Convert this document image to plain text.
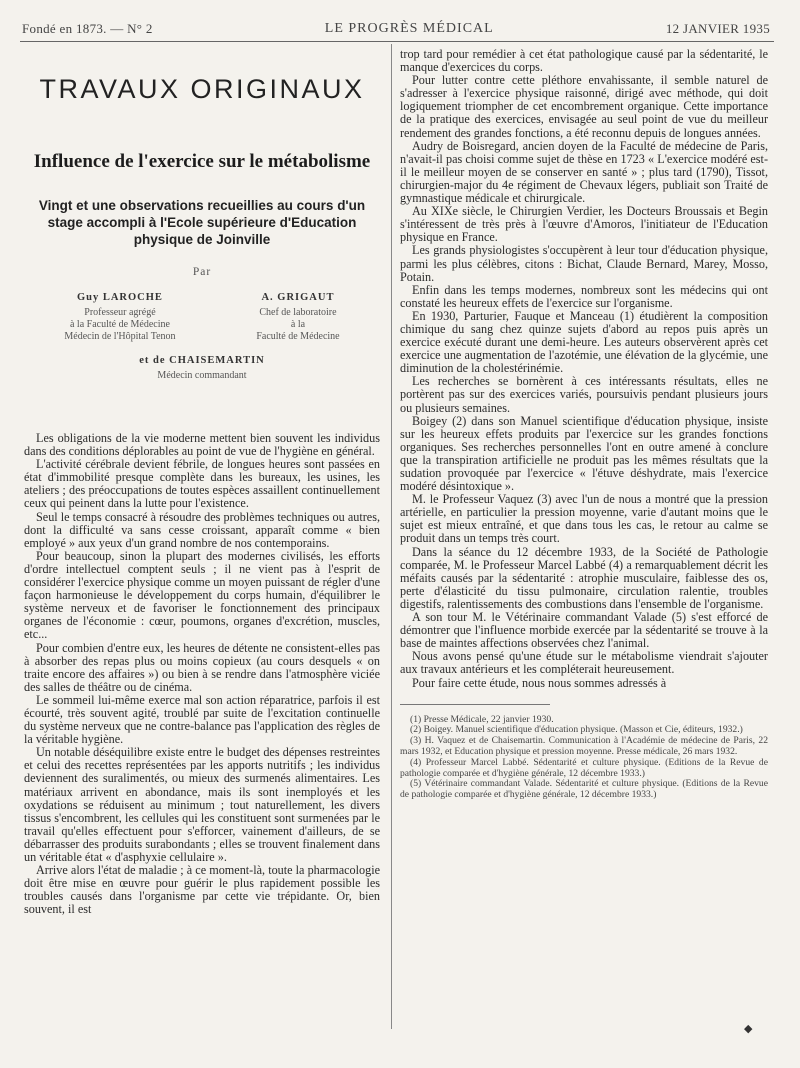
Fondé en 1873. — N° 2	LE PROGRÈS MÉDICAL	12 JANVIER 1935
TRAVAUX ORIGINAUX
Influence de l'exercice sur le métabolisme
Vingt et une observations recueillies au cours d'un stage accompli à l'Ecole supérieure d'Education physique de Joinville
Par
Guy LAROCHE
Professeur agrégé
à la Faculté de Médecine
Médecin de l'Hôpital Tenon
A. GRIGAUT
Chef de laboratoire
à la
Faculté de Médecine
et de CHAISEMARTIN
Médecin commandant

Les obligations de la vie moderne mettent bien souvent les individus dans des conditions déplorables au point de vue de l'hygiène en général.

L'activité cérébrale devient fébrile, de longues heures sont passées en état d'immobilité presque complète dans les bureaux, les usines, les ateliers ; des préoccupations de toutes espèces assaillent continuellement ceux qui peinent dans la lutte pour l'existence.

Seul le temps consacré à résoudre des problèmes techniques ou autres, dont la difficulté va sans cesse croissant, apparaît comme « bien employé » aux yeux d'un grand nombre de nos contemporains.

Pour beaucoup, sinon la plupart des modernes civilisés, les efforts d'ordre intellectuel comptent seuls ; il ne vient pas à l'esprit de considérer l'exercice physique comme un moyen puissant de régler d'une façon harmonieuse le développement du corps humain, d'équilibrer le système nerveux et de favoriser le fonctionnement des principaux organes de l'économie : cœur, poumons, organes d'excrétion, muscles, etc...

Pour combien d'entre eux, les heures de détente ne consistent-elles pas à absorber des repas plus ou moins copieux (au cours desquels « on traite encore des affaires ») ou bien à se rendre dans l'atmosphère viciée des salles de théâtre ou de cinéma.

Le sommeil lui-même exerce mal son action réparatrice, parfois il est écourté, très souvent agité, troublé par suite de l'excitation continuelle du système nerveux que ne contre-balance pas l'application des règles de la véritable hygiène.

Un notable déséquilibre existe entre le budget des dépenses restreintes et celui des recettes représentées par les apports nutritifs ; les individus deviennent des suralimentés, ou mieux des surmenés alimentaires. Les matériaux arrivent en abondance, mais ils sont inemployés et les oxydations se réduisent au minimum ; tout naturellement, les divers tissus s'encombrent, les cellules qui les constituent sont surmenées par le travail qu'elles effectuent pour s'efforcer, vainement d'ailleurs, de se débarrasser des produits surabondants ; elles se trouvent finalement dans un véritable état « d'asphyxie cellulaire ».

Arrive alors l'état de maladie ; à ce moment-là, toute la pharmacologie doit être mise en œuvre pour guérir le plus rapidement possible les troubles causés dans l'organisme par cette vie trépidante. Or, bien souvent, il est

trop tard pour remédier à cet état pathologique causé par la sédentarité, le manque d'exercices du corps.

Pour lutter contre cette pléthore envahissante, il semble naturel de s'adresser à l'exercice physique raisonné, dirigé avec méthode, qui doit logiquement triompher de cet encombrement organique. Cette importance de la pratique des exercices, envisagée au seul point de vue du meilleur rendement des grandes fonctions, a été reconnu depuis de longues années.

Audry de Boisregard, ancien doyen de la Faculté de médecine de Paris, n'avait-il pas choisi comme sujet de thèse en 1723 « L'exercice modéré est-il le meilleur moyen de se conserver en santé » ; plus tard (1790), Tissot, chirurgien-major du 4e régiment de Chevaux légers, publiait son Traité de gymnastique médicale et chirurgicale.

Au XIXe siècle, le Chirurgien Verdier, les Docteurs Broussais et Begin s'intéressent de très près à l'œuvre d'Amoros, l'initiateur de l'Education physique en France.

Les grands physiologistes s'occupèrent à leur tour d'éducation physique, parmi les plus célèbres, citons : Bichat, Claude Bernard, Marey, Mosso, Potain.

Enfin dans les temps modernes, nombreux sont les médecins qui ont constaté les heureux effets de l'exercice sur l'organisme.

En 1930, Parturier, Fauque et Manceau (1) étudièrent la composition chimique du sang chez quinze sujets d'abord au repos puis après un exercice exécuté durant une demi-heure. Les auteurs observèrent après cet exercice une augmentation de l'azotémie, une élévation de la glycémie, une diminution de la cholestérinémie.

Les recherches se bornèrent à ces intéressants résultats, elles ne portèrent pas sur des exercices variés, poursuivis pendant plusieurs jours ou plusieurs semaines.

Boigey (2) dans son Manuel scientifique d'éducation physique, insiste sur les heureux effets produits par l'exercice sur les grandes fonctions organiques. Ses recherches personnelles l'ont en outre amené à conclure que la transpiration artificielle ne produit pas les mêmes résultats que la sudation provoquée par l'exercice « l'étuve déshydrate, mais l'exercice modéré désintoxique ».

M. le Professeur Vaquez (3) avec l'un de nous a montré que la pression artérielle, en particulier la pression moyenne, varie d'autant moins que le sujet est mieux entraîné, et que dans tous les cas, le retour au calme se produit dans un temps très court.

Dans la séance du 12 décembre 1933, de la Société de Pathologie comparée, M. le Professeur Marcel Labbé (4) a remarquablement décrit les méfaits causés par la sédentarité : atrophie musculaire, faiblesse des os, perte d'élasticité du tissu pulmonaire, circulation ralentie, troubles digestifs, ralentissements des combustions dans l'ensemble de l'organisme.

A son tour M. le Vétérinaire commandant Valade (5) s'est efforcé de démontrer que l'influence morbide exercée par la sédentarité se trouve à la base de maintes affections observées chez l'animal.

Nous avons pensé qu'une étude sur le métabolisme viendrait s'ajouter aux travaux antérieurs et les compléterait heureusement.

Pour faire cette étude, nous nous sommes adressés à

(1) Presse Médicale, 22 janvier 1930.

(2) Boigey. Manuel scientifique d'éducation physique. (Masson et Cie, éditeurs, 1932.)

(3) H. Vaquez et de Chaisemartin. Communication à l'Académie de médecine de Paris, 22 mars 1932, et Education physique et pression moyenne. Presse médicale, 26 mars 1932.

(4) Professeur Marcel Labbé. Sédentarité et culture physique. (Editions de la Revue de pathologie comparée et d'hygiène générale, 12 décembre 1933.)

(5) Vétérinaire commandant Valade. Sédentarité et culture physique. (Editions de la Revue de pathologie comparée et d'hygiène générale, 12 décembre 1933.)

◆
